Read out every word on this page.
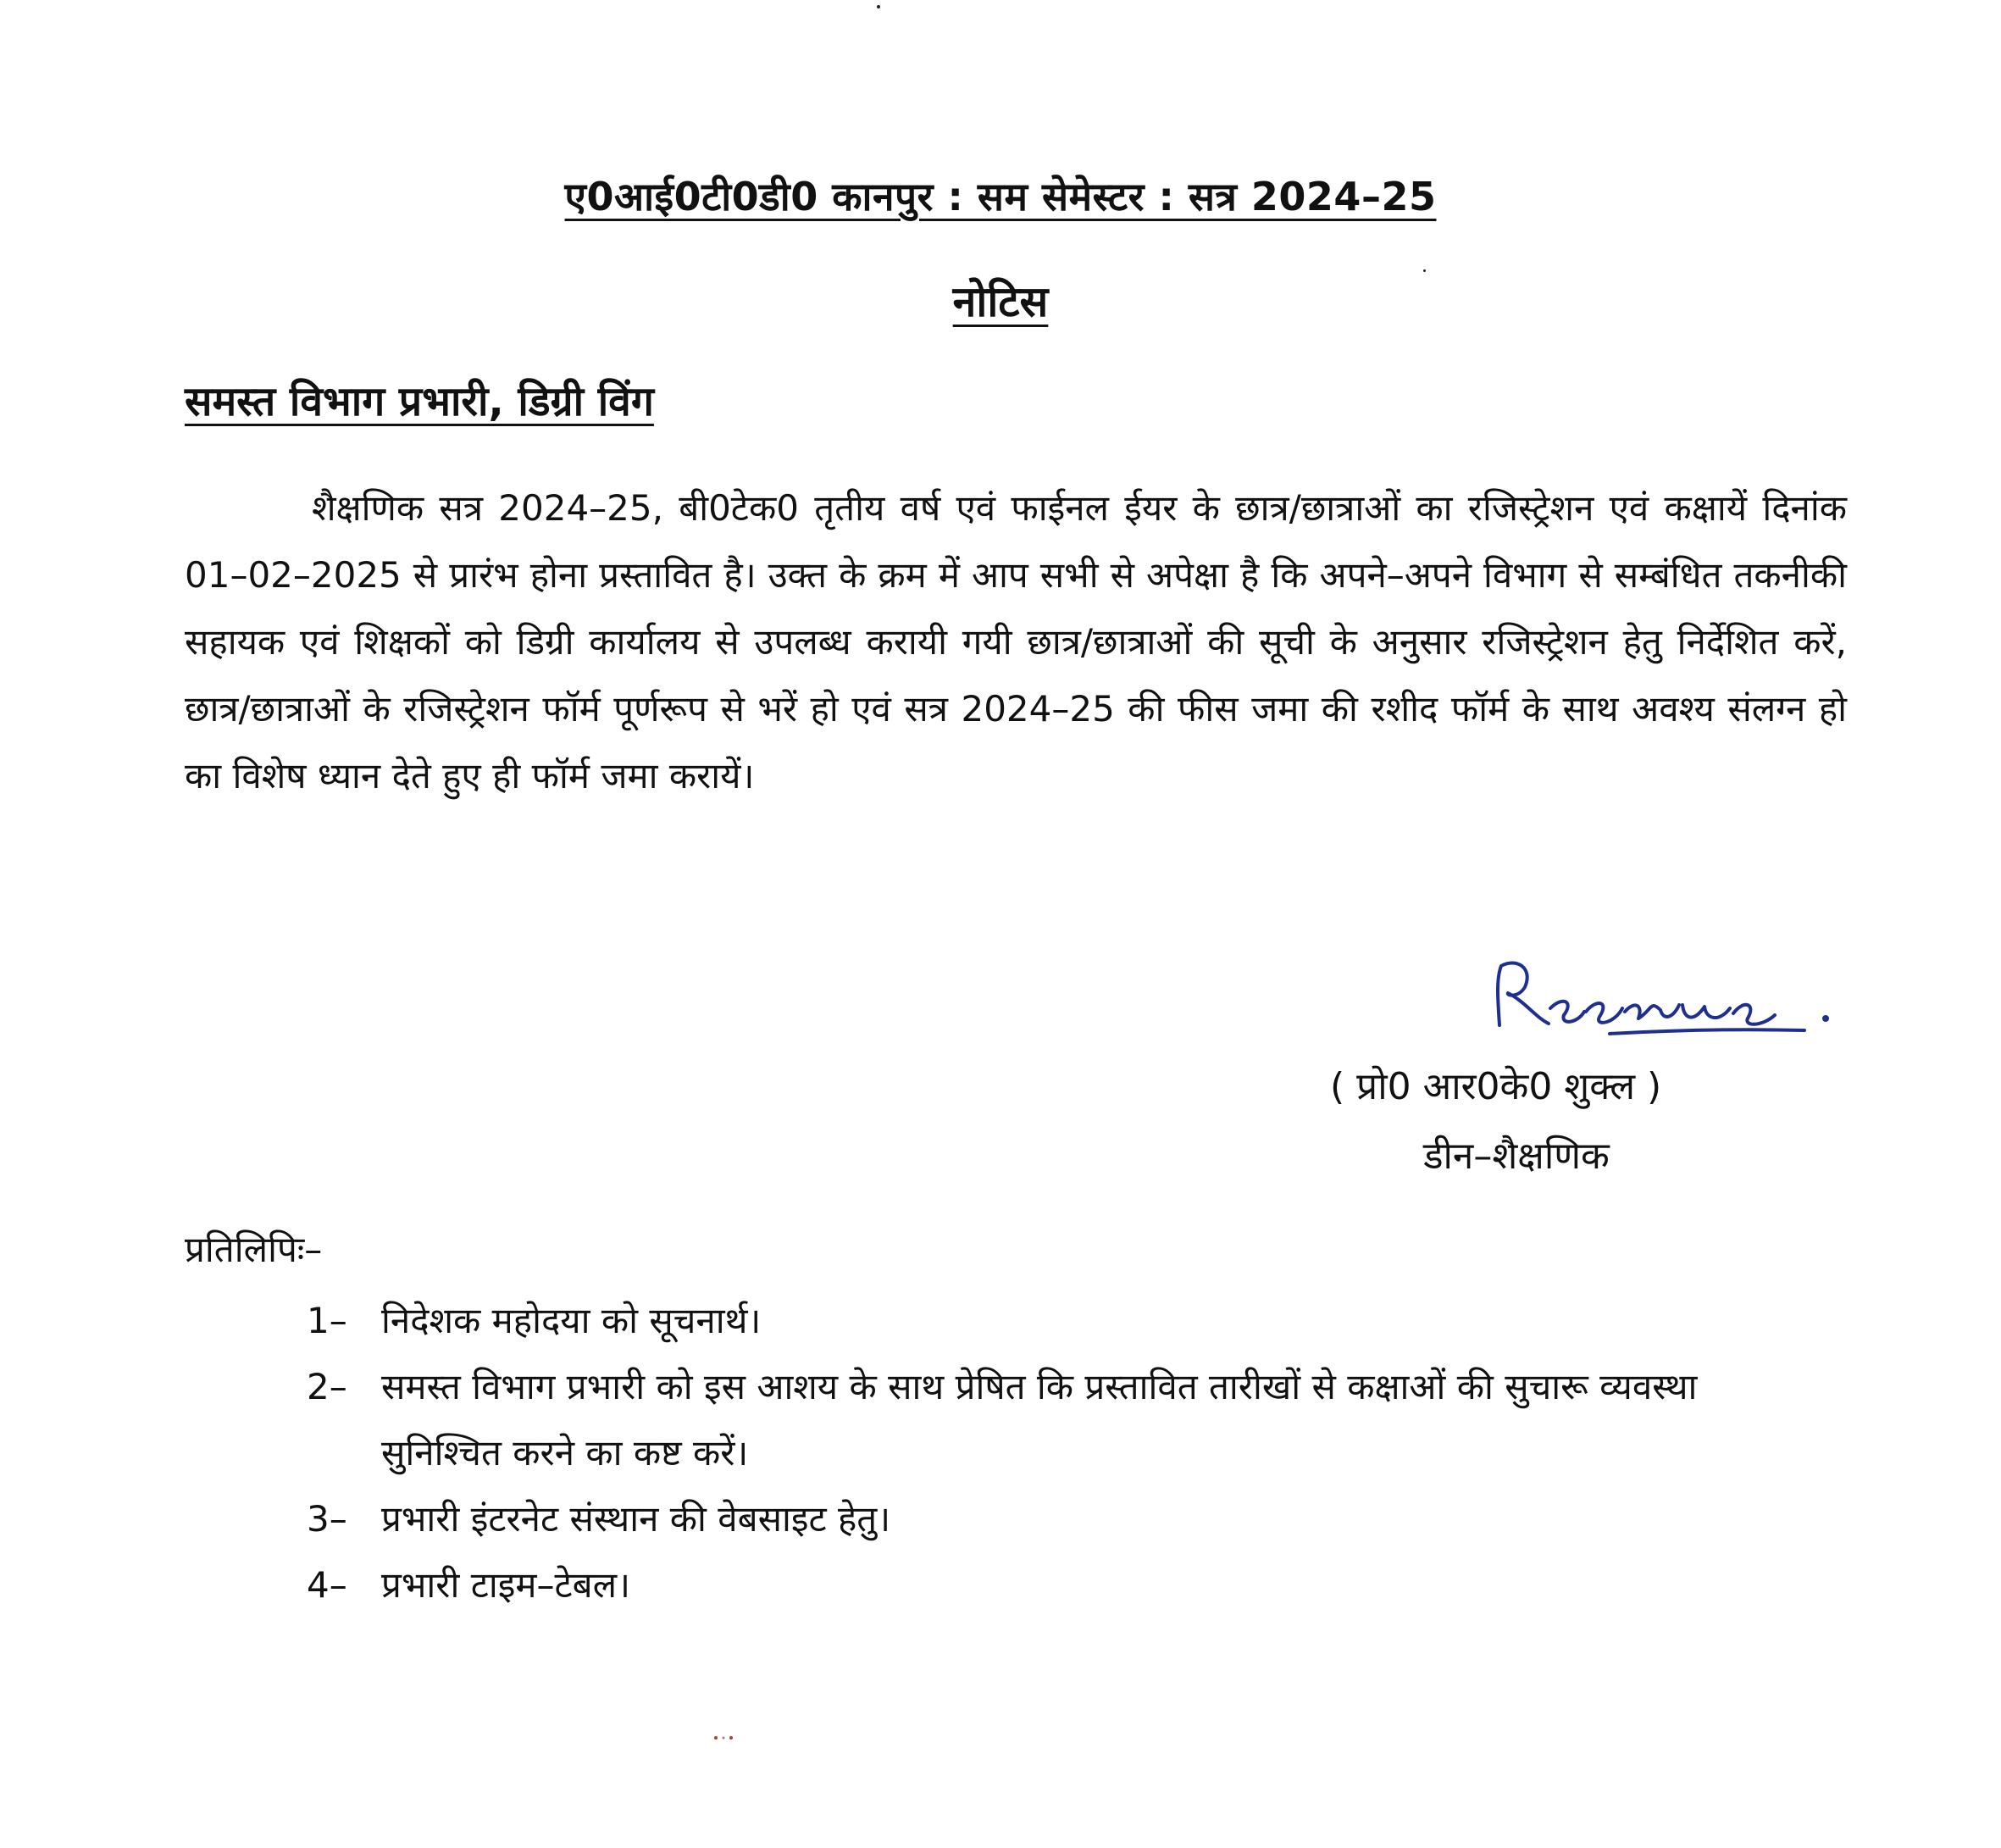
ए0आई0टी0डी0 कानपुर : सम सेमेस्टर : सत्र 2024–25
नोटिस
समस्त विभाग प्रभारी, डिग्री विंग
शैक्षणिक सत्र 2024–25, बी0टेक0 तृतीय वर्ष एवं फाईनल ईयर के छात्र/छात्राओं का रजिस्ट्रेशन एवं कक्षायें दिनांक 01–02–2025 से प्रारंभ होना प्रस्तावित है। उक्त के क्रम में आप सभी से अपेक्षा है कि अपने–अपने विभाग से सम्बंधित तकनीकी सहायक एवं शिक्षकों को डिग्री कार्यालय से उपलब्ध करायी गयी छात्र/छात्राओं की सूची के अनुसार रजिस्ट्रेशन हेतु निर्देशित करें, छात्र/छात्राओं के रजिस्ट्रेशन फॉर्म पूर्णरूप से भरें हो एवं सत्र 2024–25 की फीस जमा की रशीद फॉर्म के साथ अवश्य संलग्न हो का विशेष ध्यान देते हुए ही फॉर्म जमा करायें।
( प्रो0 आर0के0 शुक्ल )
डीन–शैक्षणिक
प्रतिलिपिः–
1– निदेशक महोदया को सूचनार्थ।
2– समस्त विभाग प्रभारी को इस आशय के साथ प्रेषित कि प्रस्तावित तारीखों से कक्षाओं की सुचारू व्यवस्था सुनिश्चित करने का कष्ट करें।
3– प्रभारी इंटरनेट संस्थान की वेबसाइट हेतु।
4– प्रभारी टाइम–टेबल।
